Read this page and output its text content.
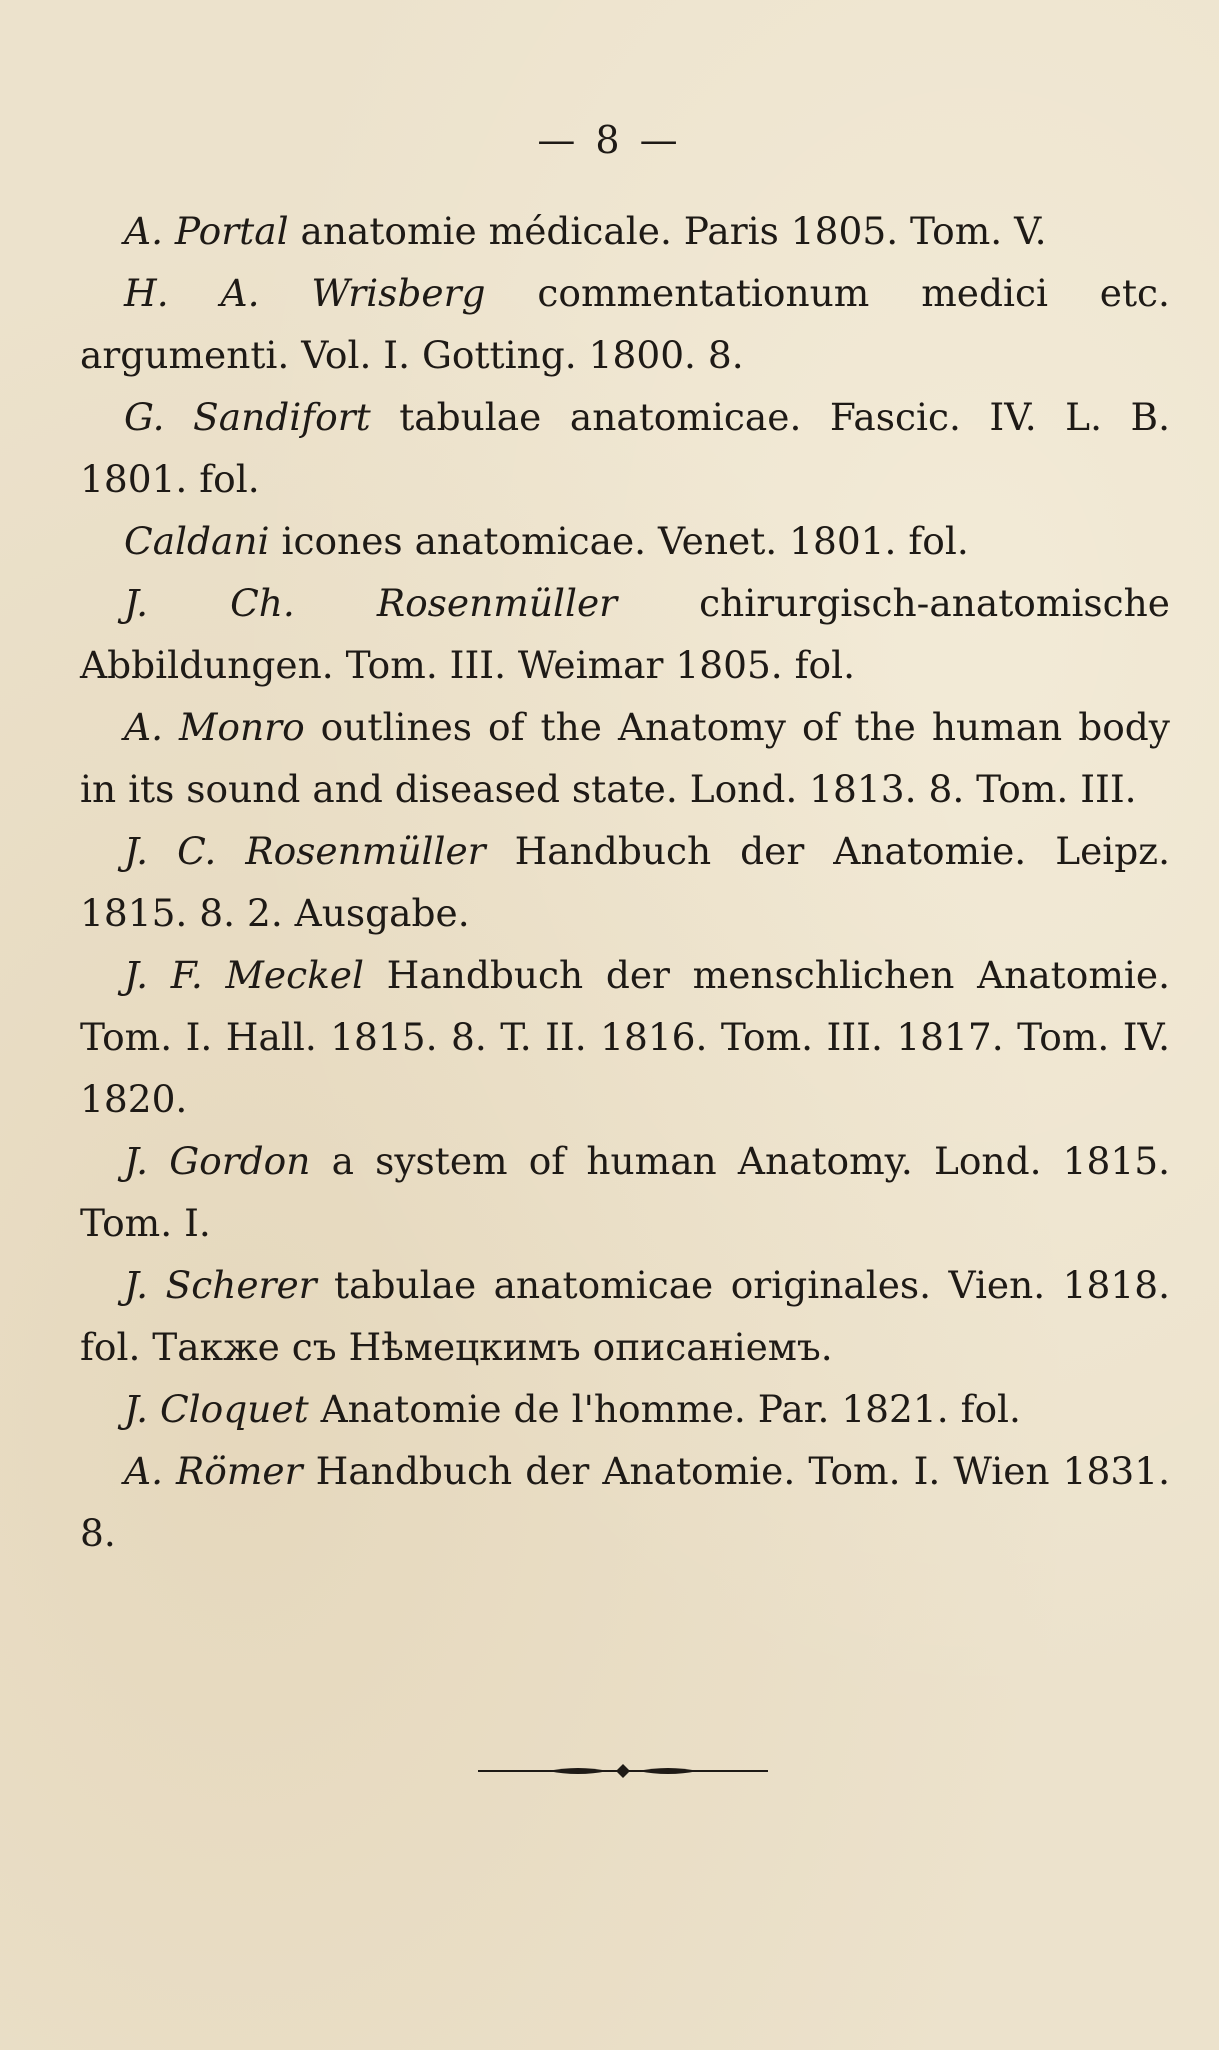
— 8 —

A. Portal anatomie médicale. Paris 1805. Tom. V.

H. A. Wrisberg commentationum medici etc. argumenti. Vol. I. Gotting. 1800. 8.

G. Sandifort tabulae anatomicae. Fascic. IV. L. B. 1801. fol.

Caldani icones anatomicae. Venet. 1801. fol.

J. Ch. Rosenmüller chirurgisch-anatomische Abbildungen. Tom. III. Weimar 1805. fol.

A. Monro outlines of the Anatomy of the human body in its sound and diseased state. Lond. 1813. 8. Tom. III.

J. C. Rosenmüller Handbuch der Anatomie. Leipz. 1815. 8. 2. Ausgabe.

J. F. Meckel Handbuch der menschlichen Anatomie. Tom. I. Hall. 1815. 8. T. II. 1816. Tom. III. 1817. Tom. IV. 1820.

J. Gordon a system of human Anatomy. Lond. 1815. Tom. I.

J. Scherer tabulae anatomicae originales. Vien. 1818. fol. Также съ Нѣмецкимъ описаніемъ.

J. Cloquet Anatomie de l'homme. Par. 1821. fol.

A. Römer Handbuch der Anatomie. Tom. I. Wien 1831. 8.
